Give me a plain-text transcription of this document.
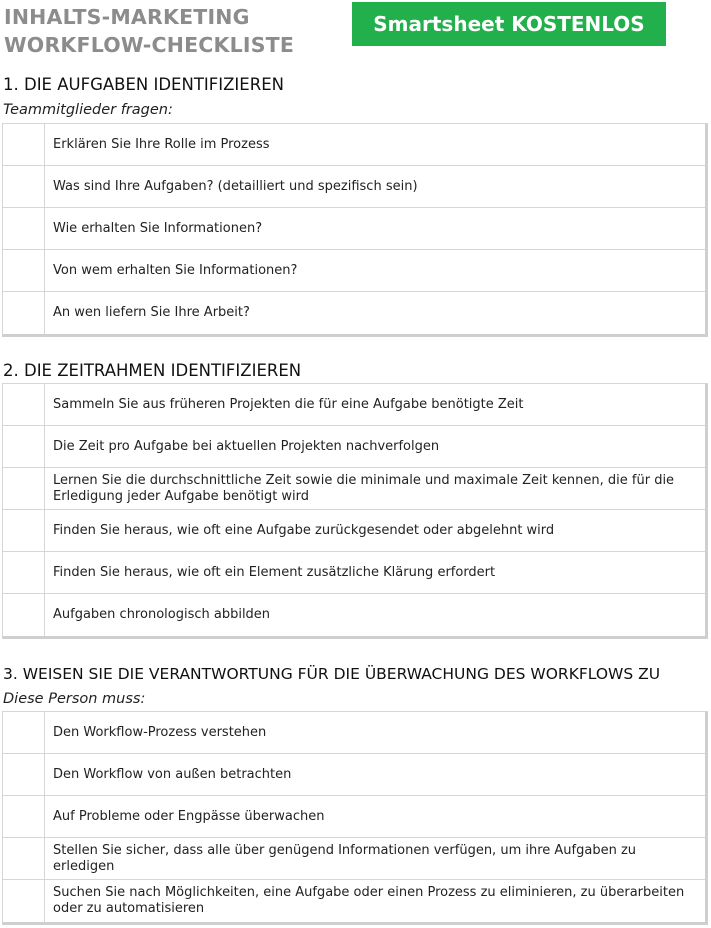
INHALTS-MARKETING
WORKFLOW-CHECKLISTE
Smartsheet KOSTENLOS
1. DIE AUFGABEN IDENTIFIZIEREN

Teammitglieder fragen:

Erklären Sie Ihre Rolle im Prozess
Was sind Ihre Aufgaben? (detailliert und spezifisch sein)
Wie erhalten Sie Informationen?
Von wem erhalten Sie Informationen?
An wen liefern Sie Ihre Arbeit?
2. DIE ZEITRAHMEN IDENTIFIZIEREN
Sammeln Sie aus früheren Projekten die für eine Aufgabe benötigte Zeit
Die Zeit pro Aufgabe bei aktuellen Projekten nachverfolgen
Lernen Sie die durchschnittliche Zeit sowie die minimale und maximale Zeit kennen, die für die Erledigung jeder Aufgabe benötigt wird
Finden Sie heraus, wie oft eine Aufgabe zurückgesendet oder abgelehnt wird
Finden Sie heraus, wie oft ein Element zusätzliche Klärung erfordert
Aufgaben chronologisch abbilden
3. WEISEN SIE DIE VERANTWORTUNG FÜR DIE ÜBERWACHUNG DES WORKFLOWS ZU

Diese Person muss:

Den Workflow-Prozess verstehen
Den Workflow von außen betrachten
Auf Probleme oder Engpässe überwachen
Stellen Sie sicher, dass alle über genügend Informationen verfügen, um ihre Aufgaben zu erledigen
Suchen Sie nach Möglichkeiten, eine Aufgabe oder einen Prozess zu eliminieren, zu überarbeiten oder zu automatisieren
